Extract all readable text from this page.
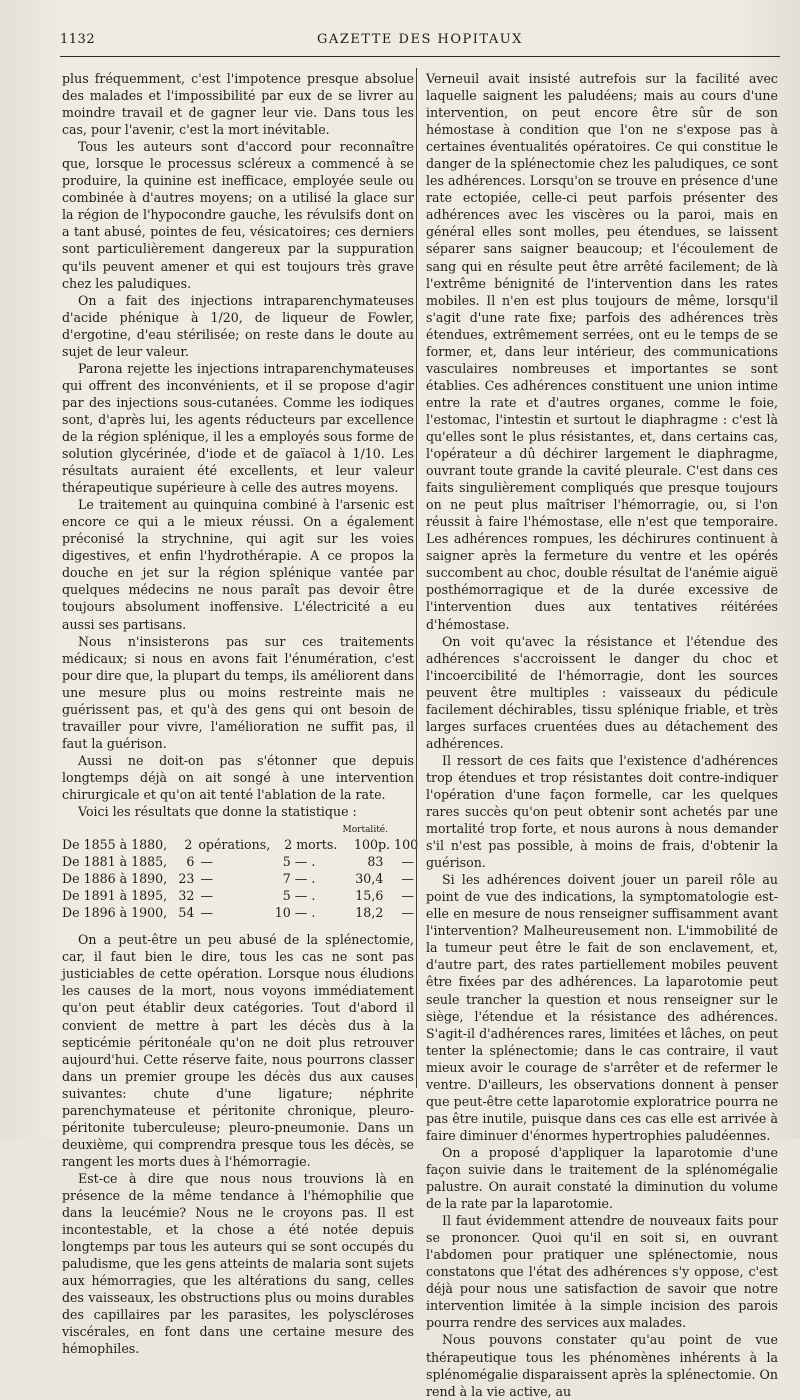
1132	GAZETTE DES HOPITAUX

plus fréquemment, c'est l'impotence presque absolue des malades et l'impossibilité par eux de se livrer au moindre travail et de gagner leur vie. Dans tous les cas, pour l'avenir, c'est la mort inévitable.

Tous les auteurs sont d'accord pour reconnaître que, lorsque le processus scléreux a commencé à se produire, la quinine est inefficace, employée seule ou combinée à d'autres moyens; on a utilisé la glace sur la région de l'hypocondre gauche, les révulsifs dont on a tant abusé, pointes de feu, vésicatoires; ces derniers sont particulièrement dangereux par la suppuration qu'ils peuvent amener et qui est toujours très grave chez les paludiques.

On a fait des injections intraparenchymateuses d'acide phénique à 1/20, de liqueur de Fowler, d'ergotine, d'eau stérilisée; on reste dans le doute au sujet de leur valeur.

Parona rejette les injections intraparenchymateuses qui offrent des inconvénients, et il se propose d'agir par des injections sous-cutanées. Comme les iodiques sont, d'après lui, les agents réducteurs par excellence de la région splénique, il les a employés sous forme de solution glycérinée, d'iode et de gaïacol à 1/10. Les résultats auraient été excellents, et leur valeur thérapeutique supérieure à celle des autres moyens.

Le traitement au quinquina combiné à l'arsenic est encore ce qui a le mieux réussi. On a également préconisé la strychnine, qui agit sur les voies digestives, et enfin l'hydrothérapie. A ce propos la douche en jet sur la région splénique vantée par quelques médecins ne nous paraît pas devoir être toujours absolument inoffensive. L'électricité a eu aussi ses partisans.

Nous n'insisterons pas sur ces traitements médicaux; si nous en avons fait l'énumération, c'est pour dire que, la plupart du temps, ils améliorent dans une mesure plus ou moins restreinte mais ne guérissent pas, et qu'à des gens qui ont besoin de travailler pour vivre, l'amélioration ne suffit pas, il faut la guérison.

Aussi ne doit-on pas s'étonner que depuis longtemps déjà on ait songé à une intervention chirurgicale et qu'on ait tenté l'ablation de la rate.

Voici les résultats que donne la statistique :

Mortalité.
De 1855 à 1880,	2 opérations,	2 morts.	100 p. 100
De 1881 à 1885,	6 —	5 — .	83	—
De 1886 à 1890, 23 —	7 — .	30,4	—
De 1891 à 1895, 32 —	5 — .	15,6	—
De 1896 à 1900, 54 —	10 — .	18,2	—

On a peut-être un peu abusé de la splénectomie, car, il faut bien le dire, tous les cas ne sont pas justiciables de cette opération. Lorsque nous éludions les causes de la mort, nous voyons immédiatement qu'on peut établir deux catégories. Tout d'abord il convient de mettre à part les décès dus à la septicémie péritonéale qu'on ne doit plus retrouver aujourd'hui. Cette réserve faite, nous pourrons classer dans un premier groupe les décès dus aux causes suivantes: chute d'une ligature; néphrite parenchymateuse et péritonite chronique, pleuro-péritonite tuberculeuse; pleuro-pneumonie. Dans un deuxième, qui comprendra presque tous les décès, se rangent les morts dues à l'hémorragie.

Est-ce à dire que nous nous trouvions là en présence de la même tendance à l'hémophilie que dans la leucémie? Nous ne le croyons pas. Il est incontestable, et la chose a été notée depuis longtemps par tous les auteurs qui se sont occupés du paludisme, que les gens atteints de malaria sont sujets aux hémorragies, que les altérations du sang, celles des vaisseaux, les obstructions plus ou moins durables des capillaires par les parasites, les polyscléroses viscérales, en font dans une certaine mesure des hémophiles.

Verneuil avait insisté autrefois sur la facilité avec laquelle saignent les paludéens; mais au cours d'une intervention, on peut encore être sûr de son hémostase à condition que l'on ne s'expose pas à certaines éventualités opératoires. Ce qui constitue le danger de la splénectomie chez les paludiques, ce sont les adhérences. Lorsqu'on se trouve en présence d'une rate ectopiée, celle-ci peut parfois présenter des adhérences avec les viscères ou la paroi, mais en général elles sont molles, peu étendues, se laissent séparer sans saigner beaucoup; et l'écoulement de sang qui en résulte peut être arrêté facilement; de là l'extrême bénignité de l'intervention dans les rates mobiles. Il n'en est plus toujours de même, lorsqu'il s'agit d'une rate fixe; parfois des adhérences très étendues, extrêmement serrées, ont eu le temps de se former, et, dans leur intérieur, des communications vasculaires nombreuses et importantes se sont établies. Ces adhérences constituent une union intime entre la rate et d'autres organes, comme le foie, l'estomac, l'intestin et surtout le diaphragme : c'est là qu'elles sont le plus résistantes, et, dans certains cas, l'opérateur a dû déchirer largement le diaphragme, ouvrant toute grande la cavité pleurale. C'est dans ces faits singulièrement compliqués que presque toujours on ne peut plus maîtriser l'hémorragie, ou, si l'on réussit à faire l'hémostase, elle n'est que temporaire. Les adhérences rompues, les déchirures continuent à saigner après la fermeture du ventre et les opérés succombent au choc, double résultat de l'anémie aiguë posthémorragique et de la durée excessive de l'intervention dues aux tentatives réitérées d'hémostase.

On voit qu'avec la résistance et l'étendue des adhérences s'accroissent le danger du choc et l'incoercibilité de l'hémorragie, dont les sources peuvent être multiples : vaisseaux du pédicule facilement déchirables, tissu splénique friable, et très larges surfaces cruentées dues au détachement des adhérences.

Il ressort de ces faits que l'existence d'adhérences trop étendues et trop résistantes doit contre-indiquer l'opération d'une façon formelle, car les quelques rares succès qu'on peut obtenir sont achetés par une mortalité trop forte, et nous aurons à nous demander s'il n'est pas possible, à moins de frais, d'obtenir la guérison.

Si les adhérences doivent jouer un pareil rôle au point de vue des indications, la symptomatologie est-elle en mesure de nous renseigner suffisamment avant l'intervention? Malheureusement non. L'immobilité de la tumeur peut être le fait de son enclavement, et, d'autre part, des rates partiellement mobiles peuvent être fixées par des adhérences. La laparotomie peut seule trancher la question et nous renseigner sur le siège, l'étendue et la résistance des adhérences. S'agit-il d'adhérences rares, limitées et lâches, on peut tenter la splénectomie; dans le cas contraire, il vaut mieux avoir le courage de s'arrêter et de refermer le ventre. D'ailleurs, les observations donnent à penser que peut-être cette laparotomie exploratrice pourra ne pas être inutile, puisque dans ces cas elle est arrivée à faire diminuer d'énormes hypertrophies paludéennes.

On a proposé d'appliquer la laparotomie d'une façon suivie dans le traitement de la splénomégalie palustre. On aurait constaté la diminution du volume de la rate par la laparotomie.

Il faut évidemment attendre de nouveaux faits pour se prononcer. Quoi qu'il en soit si, en ouvrant l'abdomen pour pratiquer une splénectomie, nous constatons que l'état des adhérences s'y oppose, c'est déjà pour nous une satisfaction de savoir que notre intervention limitée à la simple incision des parois pourra rendre des services aux malades.

Nous pouvons constater qu'au point de vue thérapeutique tous les phénomènes inhérents à la splénomégalie disparaissent après la splénectomie. On rend à la vie active, au
